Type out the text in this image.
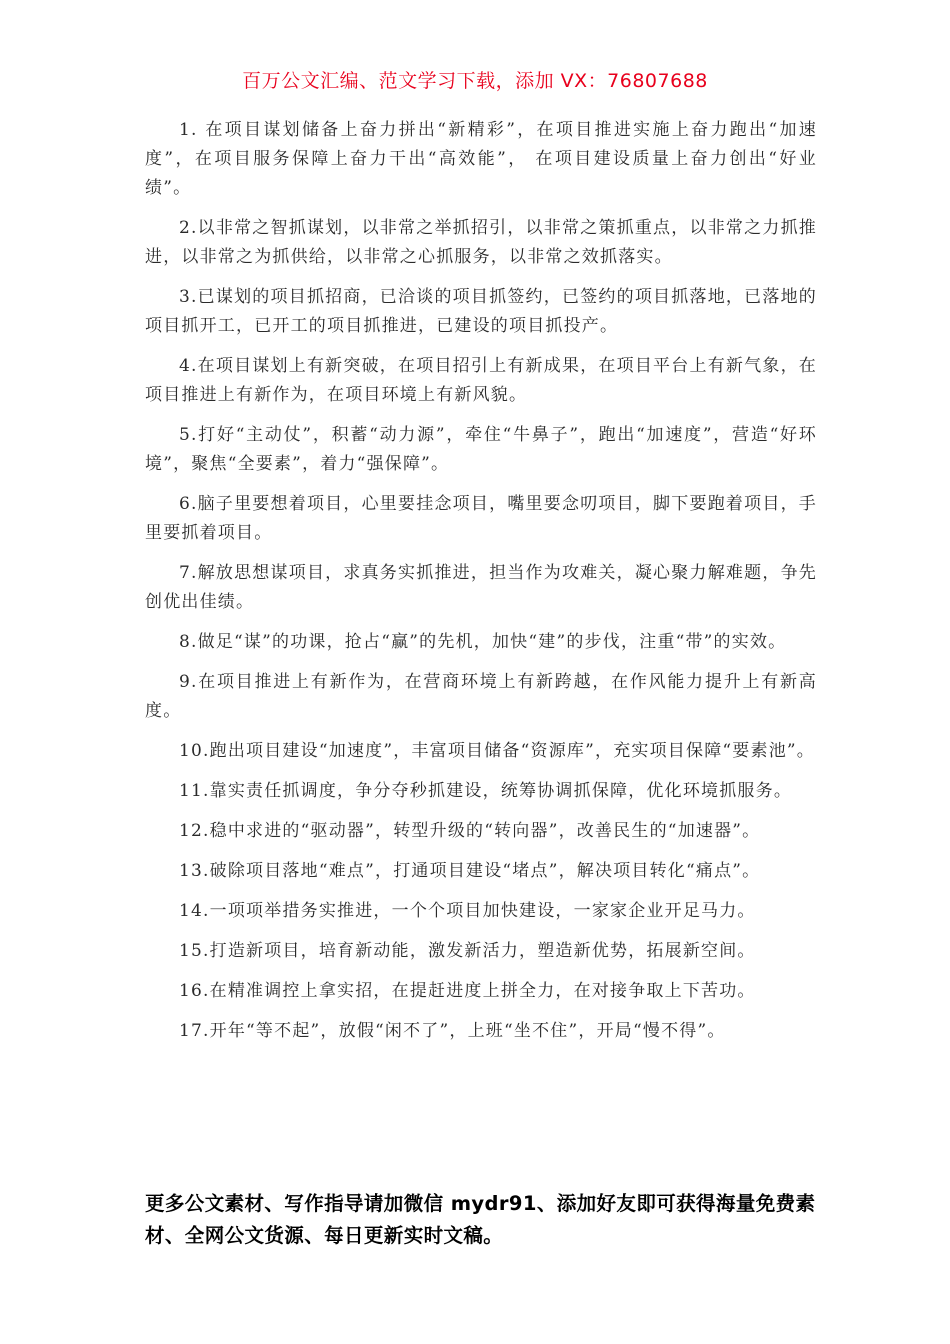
百万公文汇编、范文学习下载，添加 VX：76807688

1. 在项目谋划储备上奋力拼出“新精彩”，在项目推进实施上奋力跑出“加速度”，在项目服务保障上奋力干出“高效能”， 在项目建设质量上奋力创出“好业绩”。

2.以非常之智抓谋划，以非常之举抓招引，以非常之策抓重点，以非常之力抓推进，以非常之为抓供给，以非常之心抓服务，以非常之效抓落实。

3.已谋划的项目抓招商，已洽谈的项目抓签约，已签约的项目抓落地，已落地的项目抓开工，已开工的项目抓推进，已建设的项目抓投产。

4.在项目谋划上有新突破，在项目招引上有新成果，在项目平台上有新气象，在项目推进上有新作为，在项目环境上有新风貌。

5.打好“主动仗”，积蓄“动力源”，牵住“牛鼻子”，跑出“加速度”，营造“好环境”，聚焦“全要素”，着力“强保障”。

6.脑子里要想着项目，心里要挂念项目，嘴里要念叨项目，脚下要跑着项目，手里要抓着项目。

7.解放思想谋项目，求真务实抓推进，担当作为攻难关，凝心聚力解难题，争先创优出佳绩。

8.做足“谋”的功课，抢占“赢”的先机，加快“建”的步伐，注重“带”的实效。

9.在项目推进上有新作为，在营商环境上有新跨越，在作风能力提升上有新高度。

10.跑出项目建设“加速度”，丰富项目储备“资源库”，充实项目保障“要素池”。

11.靠实责任抓调度，争分夺秒抓建设，统筹协调抓保障，优化环境抓服务。

12.稳中求进的“驱动器”，转型升级的“转向器”，改善民生的“加速器”。

13.破除项目落地“难点”，打通项目建设“堵点”，解决项目转化“痛点”。

14.一项项举措务实推进，一个个项目加快建设，一家家企业开足马力。

15.打造新项目，培育新动能，激发新活力，塑造新优势，拓展新空间。

16.在精准调控上拿实招，在提赶进度上拼全力，在对接争取上下苦功。

17.开年“等不起”，放假“闲不了”，上班“坐不住”，开局“慢不得”。

更多公文素材、写作指导请加微信 mydr91、添加好友即可获得海量免费素材、全网公文货源、每日更新实时文稿。
